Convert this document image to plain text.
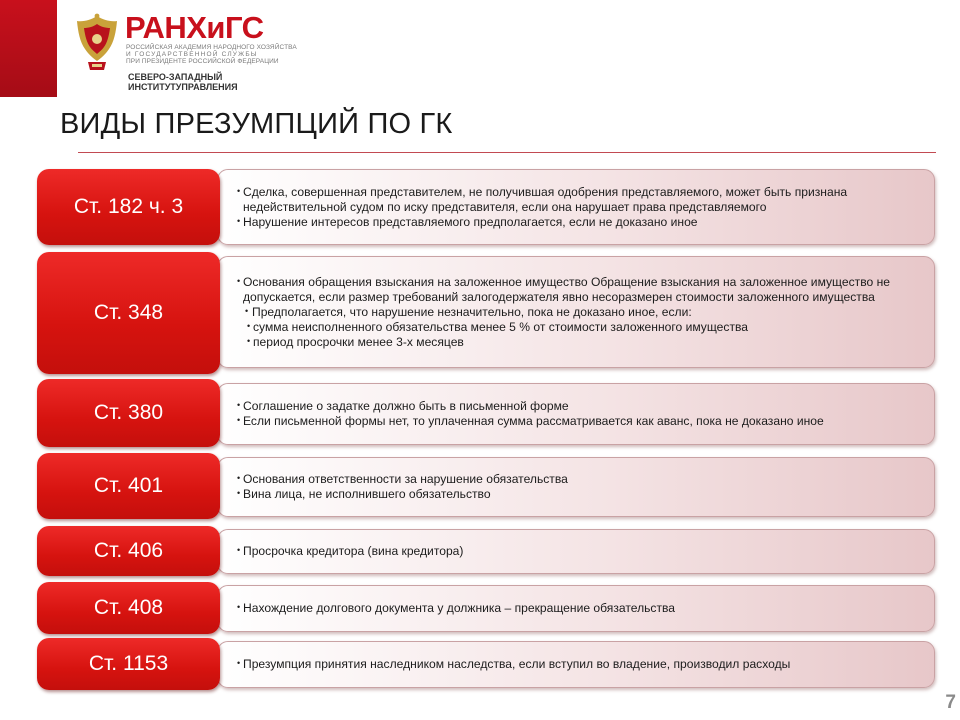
РАНХиГС
РОССИЙСКАЯ АКАДЕМИЯ НАРОДНОГО ХОЗЯЙСТВА
И ГОСУДАРСТВЕННОЙ СЛУЖБЫ
ПРИ ПРЕЗИДЕНТЕ РОССИЙСКОЙ ФЕДЕРАЦИИ
СЕВЕРО-ЗАПАДНЫЙ
ИНСТИТУТУПРАВЛЕНИЯ
ВИДЫ ПРЕЗУМПЦИЙ ПО ГК
Ст. 182 ч. 3
• Сделка, совершенная представителем, не получившая одобрения представляемого, может быть признана недействительной судом по иску представителя, если она нарушает права представляемого
• Нарушение интересов представляемого предполагается, если не доказано иное
Ст. 348
• Основания обращения взыскания на заложенное имущество Обращение взыскания на заложенное имущество не допускается, если размер требований залогодержателя явно несоразмерен стоимости заложенного имущества
• Предполагается, что нарушение незначительно, пока не доказано иное, если:
• сумма неисполненного обязательства менее 5 % от стоимости заложенного имущества
• период просрочки менее 3-х месяцев
Ст. 380	• Соглашение о задатке должно быть в письменной форме
• Если письменной формы нет, то уплаченная сумма рассматривается как аванс, пока не доказано иное
Ст. 401	• Основания ответственности за нарушение обязательства
• Вина лица, не исполнившего обязательство
Ст. 406	• Просрочка кредитора (вина кредитора)
Ст. 408	• Нахождение долгового документа у должника – прекращение обязательства
Ст. 1153	• Презумпция принятия наследником наследства, если вступил во владение, производил расходы
7
